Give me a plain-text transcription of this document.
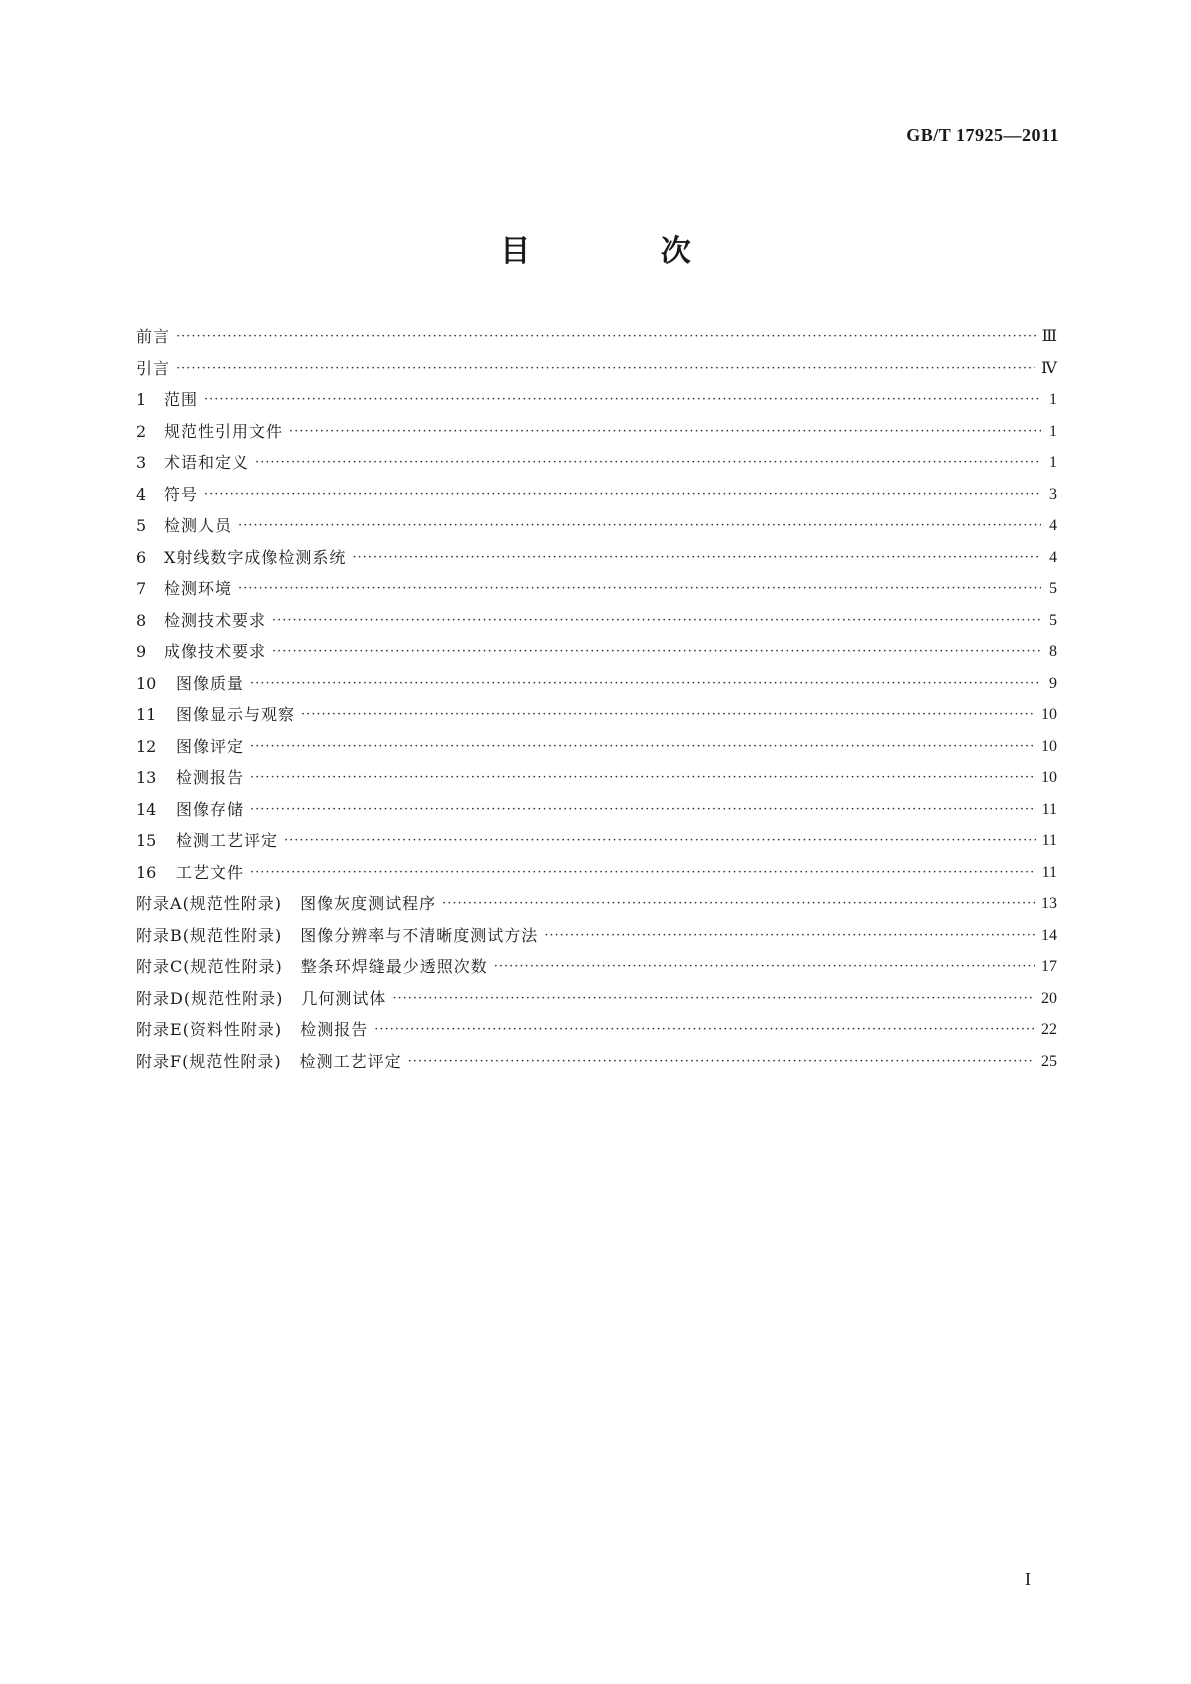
GB/T 17925—2011
目 次
前言 ·····	Ⅲ
引言 ·····	Ⅳ
1	范围 ·····	1
2	规范性引用文件 ·····	1
3	术语和定义 ·····	1
4	符号 ·····	3
5	检测人员 ·····	4
6	X射线数字成像检测系统 ·····	4
7	检测环境 ·····	5
8	检测技术要求 ·····	5
9	成像技术要求 ·····	8
10	图像质量 ·····	9
11	图像显示与观察 ·····	10
12	图像评定 ·····	10
13	检测报告 ·····	10
14	图像存储 ·····	11
15	检测工艺评定 ·····	11
16	工艺文件 ·····	11
附录A (规范性附录) 图像灰度测试程序 ·····	13
附录B (规范性附录) 图像分辨率与不清晰度测试方法 ·····	14
附录C (规范性附录) 整条环焊缝最少透照次数 ·····	17
附录D (规范性附录) 几何测试体 ·····	20
附录E (资料性附录) 检测报告 ·····	22
附录F (规范性附录) 检测工艺评定 ·····	25
I
